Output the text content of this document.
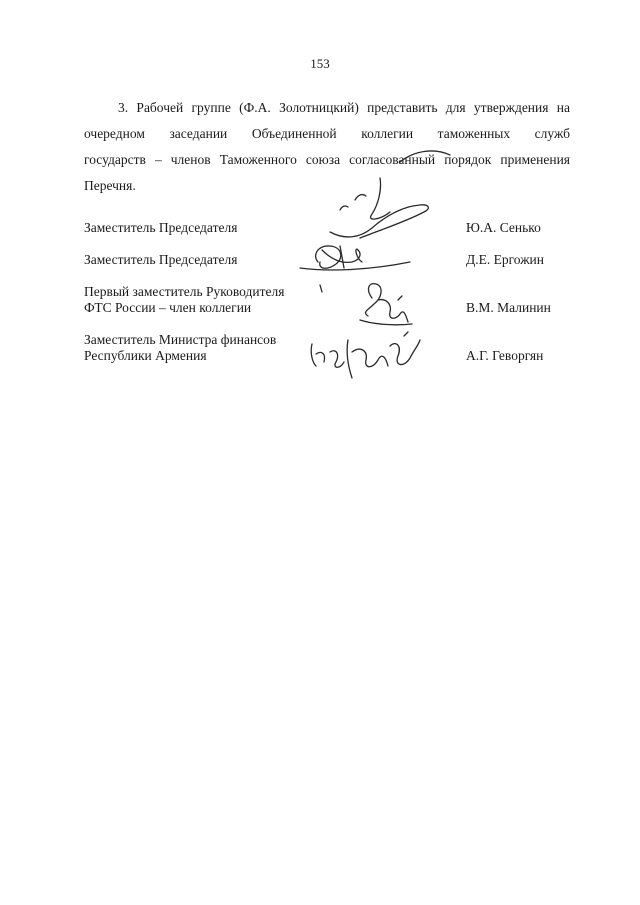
153
3. Рабочей группе (Ф.А. Золотницкий) представить для утверждения на
очередном заседании Объединенной коллегии таможенных служб
государств – членов Таможенного союза согласованный порядок применения
Перечня.
Заместитель Председателя	Ю.А. Сенько
Заместитель Председателя	Д.Е. Ергожин
Первый заместитель Руководителя
ФТС России – член коллегии	В.М. Малинин
Заместитель Министра финансов
Республики Армения	А.Г. Геворгян
